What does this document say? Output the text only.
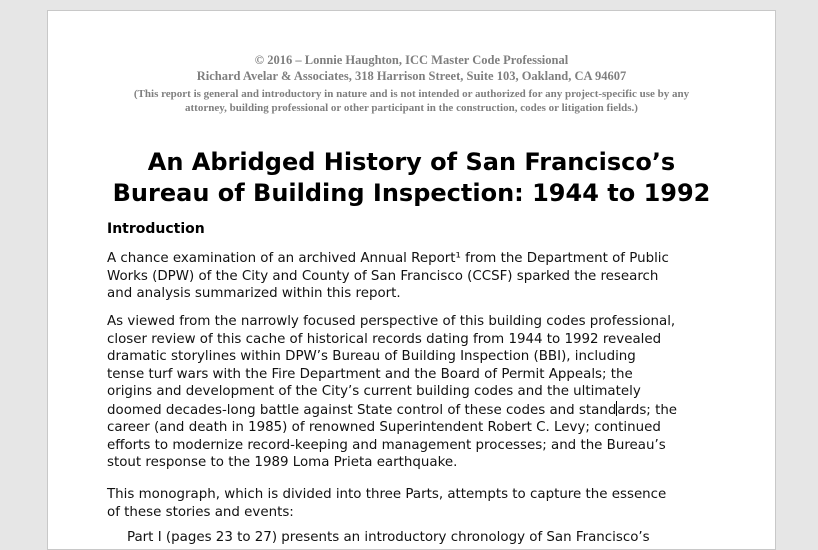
© 2016 – Lonnie Haughton, ICC Master Code Professional
Richard Avelar & Associates, 318 Harrison Street, Suite 103, Oakland, CA 94607
(This report is general and introductory in nature and is not intended or authorized for any project-specific use by any
attorney, building professional or other participant in the construction, codes or litigation fields.)
An Abridged History of San Francisco’s
Bureau of Building Inspection: 1944 to 1992
Introduction
A chance examination of an archived Annual Report¹ from the Department of Public
Works (DPW) of the City and County of San Francisco (CCSF) sparked the research
and analysis summarized within this report.
As viewed from the narrowly focused perspective of this building codes professional,
closer review of this cache of historical records dating from 1944 to 1992 revealed
dramatic storylines within DPW’s Bureau of Building Inspection (BBI), including
tense turf wars with the Fire Department and the Board of Permit Appeals; the
origins and development of the City’s current building codes and the ultimately
doomed decades-long battle against State control of these codes and standards; the
career (and death in 1985) of renowned Superintendent Robert C. Levy; continued
efforts to modernize record-keeping and management processes; and the Bureau’s
stout response to the 1989 Loma Prieta earthquake.
This monograph, which is divided into three Parts, attempts to capture the essence
of these stories and events:
Part I (pages 23 to 27) presents an introductory chronology of San Francisco’s
